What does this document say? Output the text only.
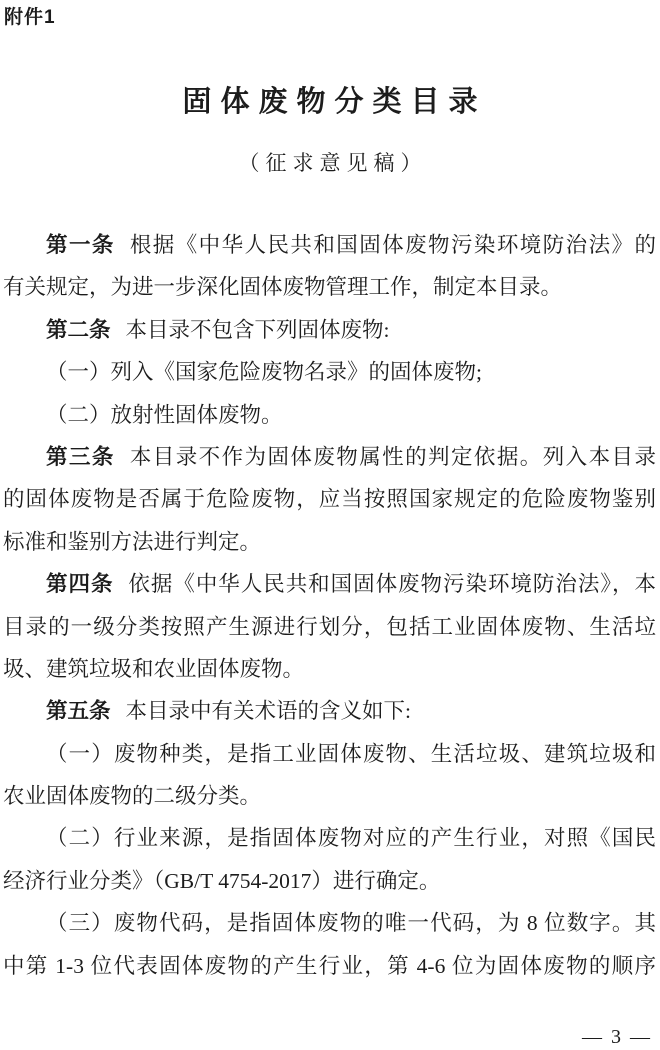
附件1
固体废物分类目录
（征求意见稿）
第一条 根据《中华人民共和国固体废物污染环境防治法》的
有关规定，为进一步深化固体废物管理工作，制定本目录。
第二条 本目录不包含下列固体废物:
（一）列入《国家危险废物名录》的固体废物;
（二）放射性固体废物。
第三条 本目录不作为固体废物属性的判定依据。列入本目录
的固体废物是否属于危险废物，应当按照国家规定的危险废物鉴别
标准和鉴别方法进行判定。
第四条 依据《中华人民共和国固体废物污染环境防治法》，本
目录的一级分类按照产生源进行划分，包括工业固体废物、生活垃
圾、建筑垃圾和农业固体废物。
第五条 本目录中有关术语的含义如下:
（一）废物种类，是指工业固体废物、生活垃圾、建筑垃圾和
农业固体废物的二级分类。
（二）行业来源，是指固体废物对应的产生行业，对照《国民
经济行业分类》（GB/T 4754-2017）进行确定。
（三）废物代码，是指固体废物的唯一代码，为 8 位数字。其
中第 1-3 位代表固体废物的产生行业，第 4-6 位为固体废物的顺序
— 3 —
